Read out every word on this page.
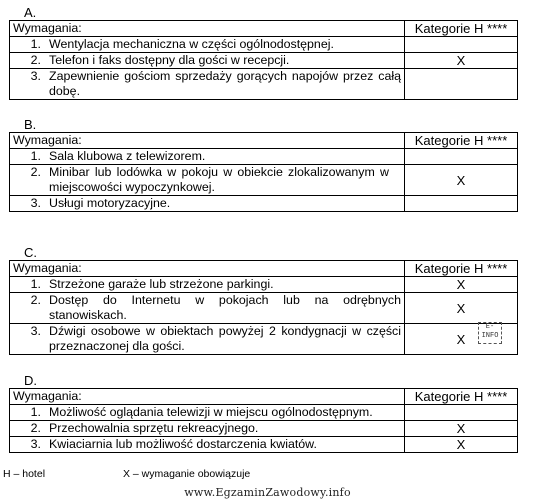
A.
Wymagania:	Kategorie H ****

1. Wentylacja mechaniczna w części ogólnodostępnej.	

2. Telefon i faks dostępny dla gości w recepcji.	X

3. Zapewnienie gościom sprzedaży gorących napojów przez całą dobę.	

B.
Wymagania:	Kategorie H ****

1. Sala klubowa z telewizorem.	

2. Minibar lub lodówka w pokoju w obiekcie zlokalizowanym w miejscowości wypoczynkowej.	X

3. Usługi motoryzacyjne.	

C.
Wymagania:	Kategorie H ****

1. Strzeżone garaże lub strzeżone parkingi.	X

2. Dostęp do Internetu w pokojach lub na odrębnych stanowiskach.	X

3. Dźwigi osobowe w obiektach powyżej 2 kondygnacji w części przeznaczonej dla gości.	X
E-INFO
D.
Wymagania:	Kategorie H ****

1. Możliwość oglądania telewizji w miejscu ogólnodostępnym.	

2. Przechowalnia sprzętu rekreacyjnego.	X

3. Kwiaciarnia lub możliwość dostarczenia kwiatów.	X
H – hotel	X – wymaganie obowiązuje
www.EgzaminZawodowy.info
